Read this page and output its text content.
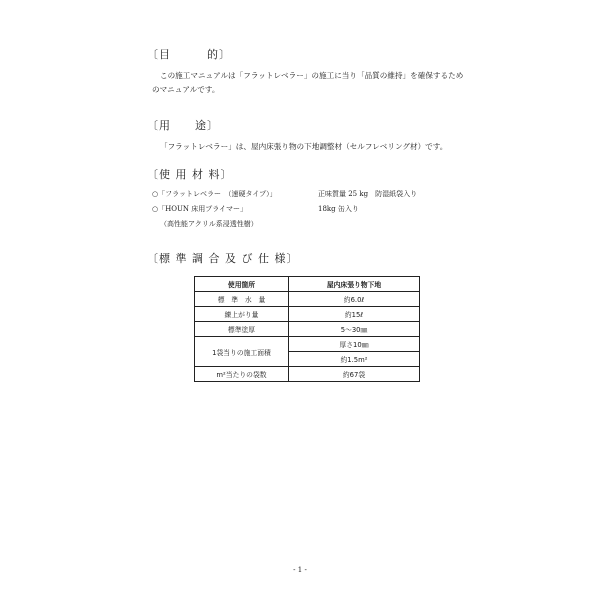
〔目　　　的〕
この施工マニュアルは「フラットレベラー」の施工に当り「品質の維持」を確保するため
のマニュアルです。
〔用　　途〕
「フラットレベラー」は、屋内床張り物の下地調整材（セルフレベリング材）です。
〔使 用 材 料〕
○「フラットレベラー　（速硬タイプ）」	正味質量 25 kg　防湿紙袋入り
○「HOUN 床用プライマー」	18kg 缶入り
（高性能アクリル系浸透性樹）
〔標 準 調 合 及 び 仕 様〕
使用箇所	屋内床張り物下地
標　準　水　量	約6.0ℓ
練上がり量	約15ℓ
標準塗厚	5～30㎜
1袋当りの施工面積	厚さ10㎜
	約1.5m²
m²当たりの袋数	約67袋
- 1 -
